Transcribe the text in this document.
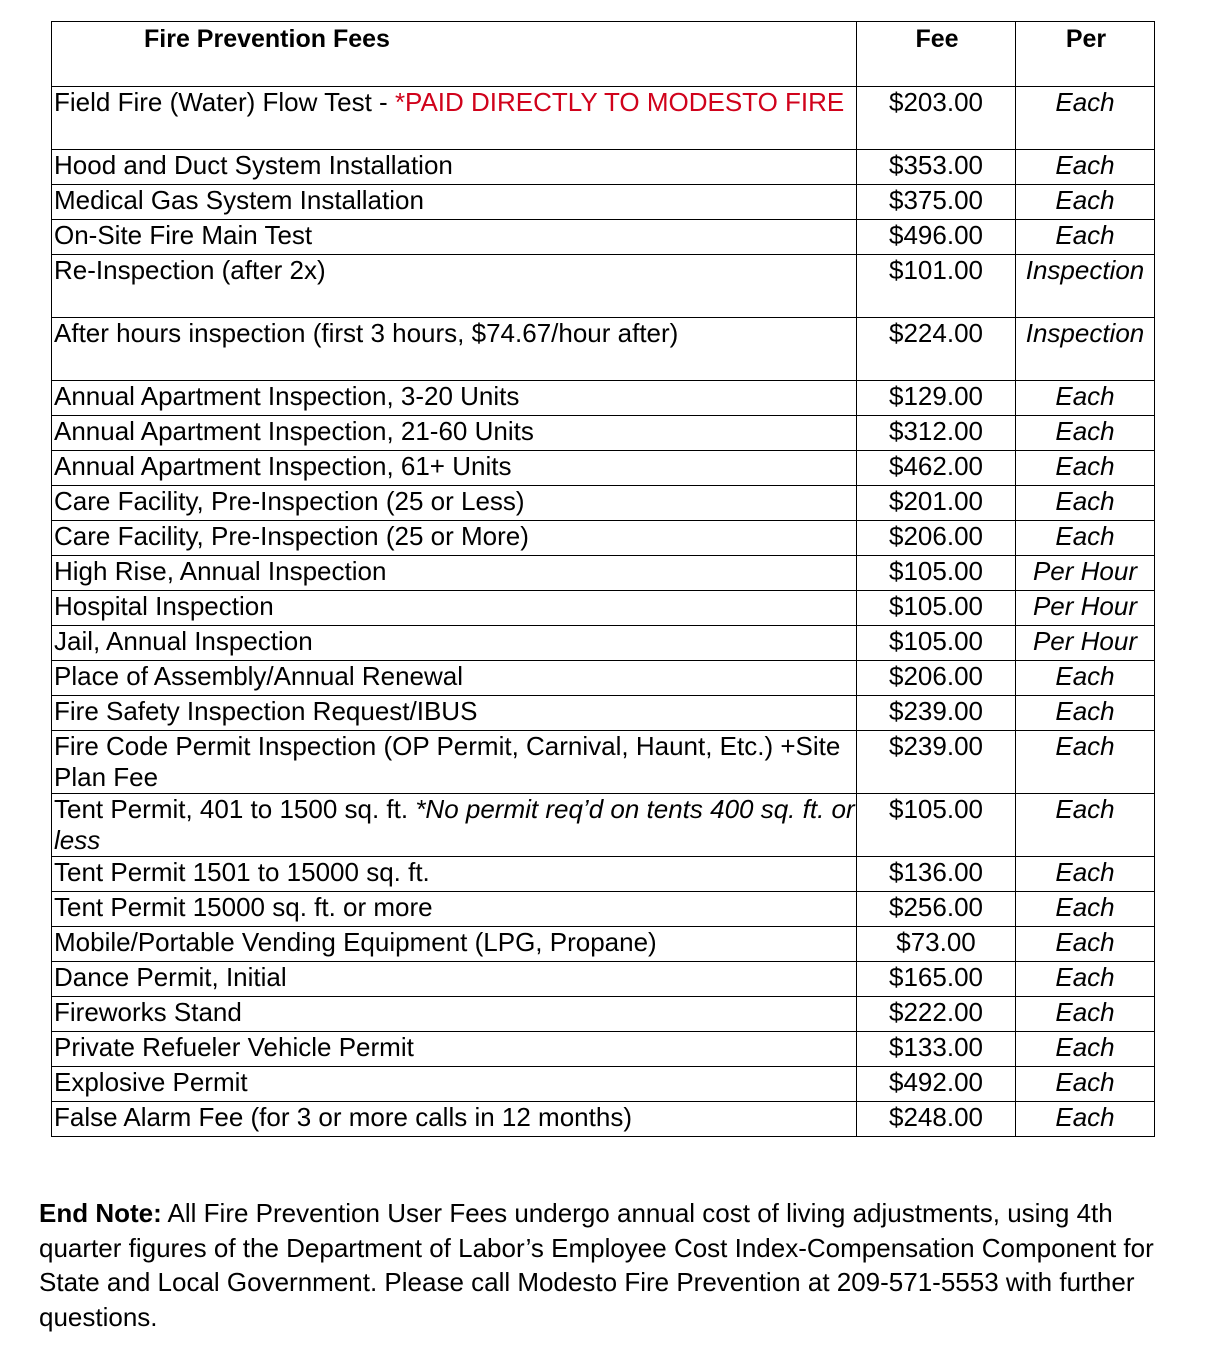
Fire Prevention Fees	Fee	Per
Field Fire (Water) Flow Test - *PAID DIRECTLY TO MODESTO FIRE	$203.00	Each
Hood and Duct System Installation	$353.00	Each
Medical Gas System Installation	$375.00	Each
On-Site Fire Main Test	$496.00	Each
Re-Inspection (after 2x)	$101.00	Inspection
After hours inspection (first 3 hours, $74.67/hour after)	$224.00	Inspection
Annual Apartment Inspection, 3-20 Units	$129.00	Each
Annual Apartment Inspection, 21-60 Units	$312.00	Each
Annual Apartment Inspection, 61+ Units	$462.00	Each
Care Facility, Pre-Inspection (25 or Less)	$201.00	Each
Care Facility, Pre-Inspection (25 or More)	$206.00	Each
High Rise, Annual Inspection	$105.00	Per Hour
Hospital Inspection	$105.00	Per Hour
Jail, Annual Inspection	$105.00	Per Hour
Place of Assembly/Annual Renewal	$206.00	Each
Fire Safety Inspection Request/IBUS	$239.00	Each
Fire Code Permit Inspection (OP Permit, Carnival, Haunt, Etc.) +Site Plan Fee	$239.00	Each
Tent Permit, 401 to 1500 sq. ft. *No permit req’d on tents 400 sq. ft. or less	$105.00	Each
Tent Permit 1501 to 15000 sq. ft.	$136.00	Each
Tent Permit 15000 sq. ft. or more	$256.00	Each
Mobile/Portable Vending Equipment (LPG, Propane)	$73.00	Each
Dance Permit, Initial	$165.00	Each
Fireworks Stand	$222.00	Each
Private Refueler Vehicle Permit	$133.00	Each
Explosive Permit	$492.00	Each
False Alarm Fee (for 3 or more calls in 12 months)	$248.00	Each

End Note: All Fire Prevention User Fees undergo annual cost of living adjustments, using 4th quarter figures of the Department of Labor’s Employee Cost Index-Compensation Component for State and Local Government. Please call Modesto Fire Prevention at 209-571-5553 with further questions.
